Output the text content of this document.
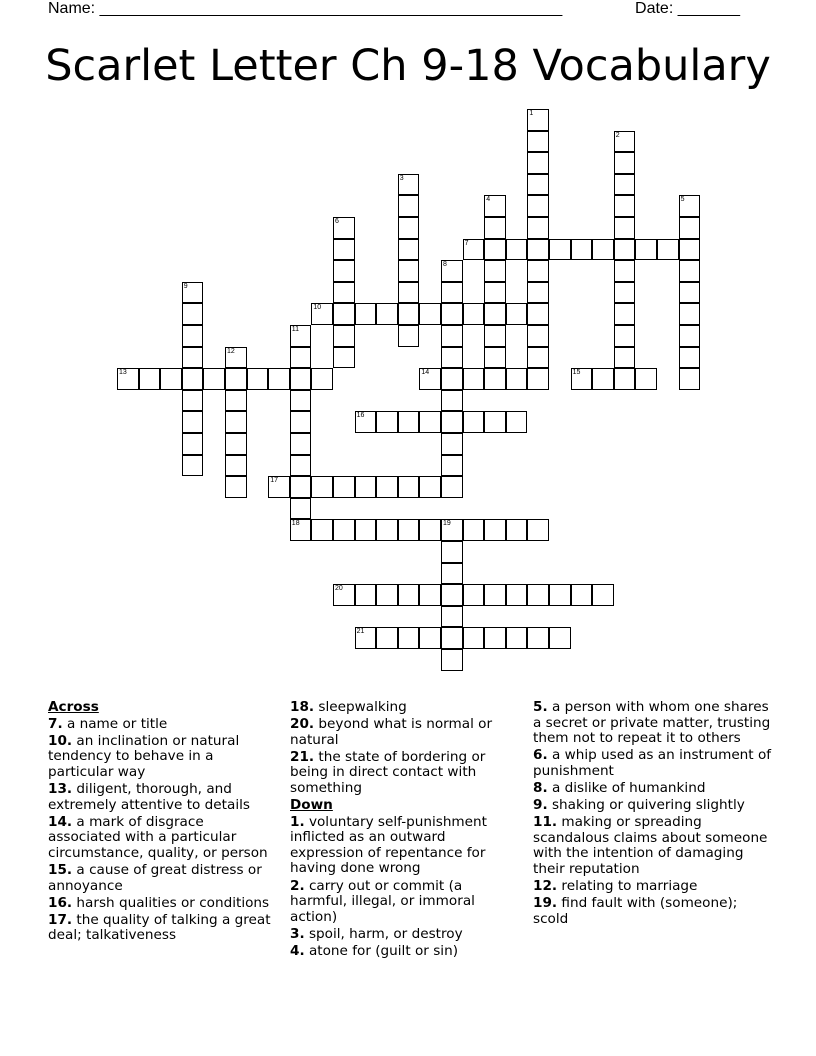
Name: ____________________________________________________	Date: _______
Scarlet Letter Ch 9-18 Vocabulary
1
2
3
4	5
6
7
8
9
10
11
12
13	14	15
16
17
18	19
20
21
Across
7. a name or title
10. an inclination or natural tendency to behave in a particular way
13. diligent, thorough, and extremely attentive to details
14. a mark of disgrace associated with a particular circumstance, quality, or person
15. a cause of great distress or annoyance
16. harsh qualities or conditions
17. the quality of talking a great deal; talkativeness
18. sleepwalking
20. beyond what is normal or natural
21. the state of bordering or being in direct contact with something
Down
1. voluntary self-punishment inflicted as an outward expression of repentance for having done wrong
2. carry out or commit (a harmful, illegal, or immoral action)
3. spoil, harm, or destroy
4. atone for (guilt or sin)
5. a person with whom one shares a secret or private matter, trusting them not to repeat it to others
6. a whip used as an instrument of punishment
8. a dislike of humankind
9. shaking or quivering slightly
11. making or spreading scandalous claims about someone with the intention of damaging their reputation
12. relating to marriage
19. find fault with (someone); scold
